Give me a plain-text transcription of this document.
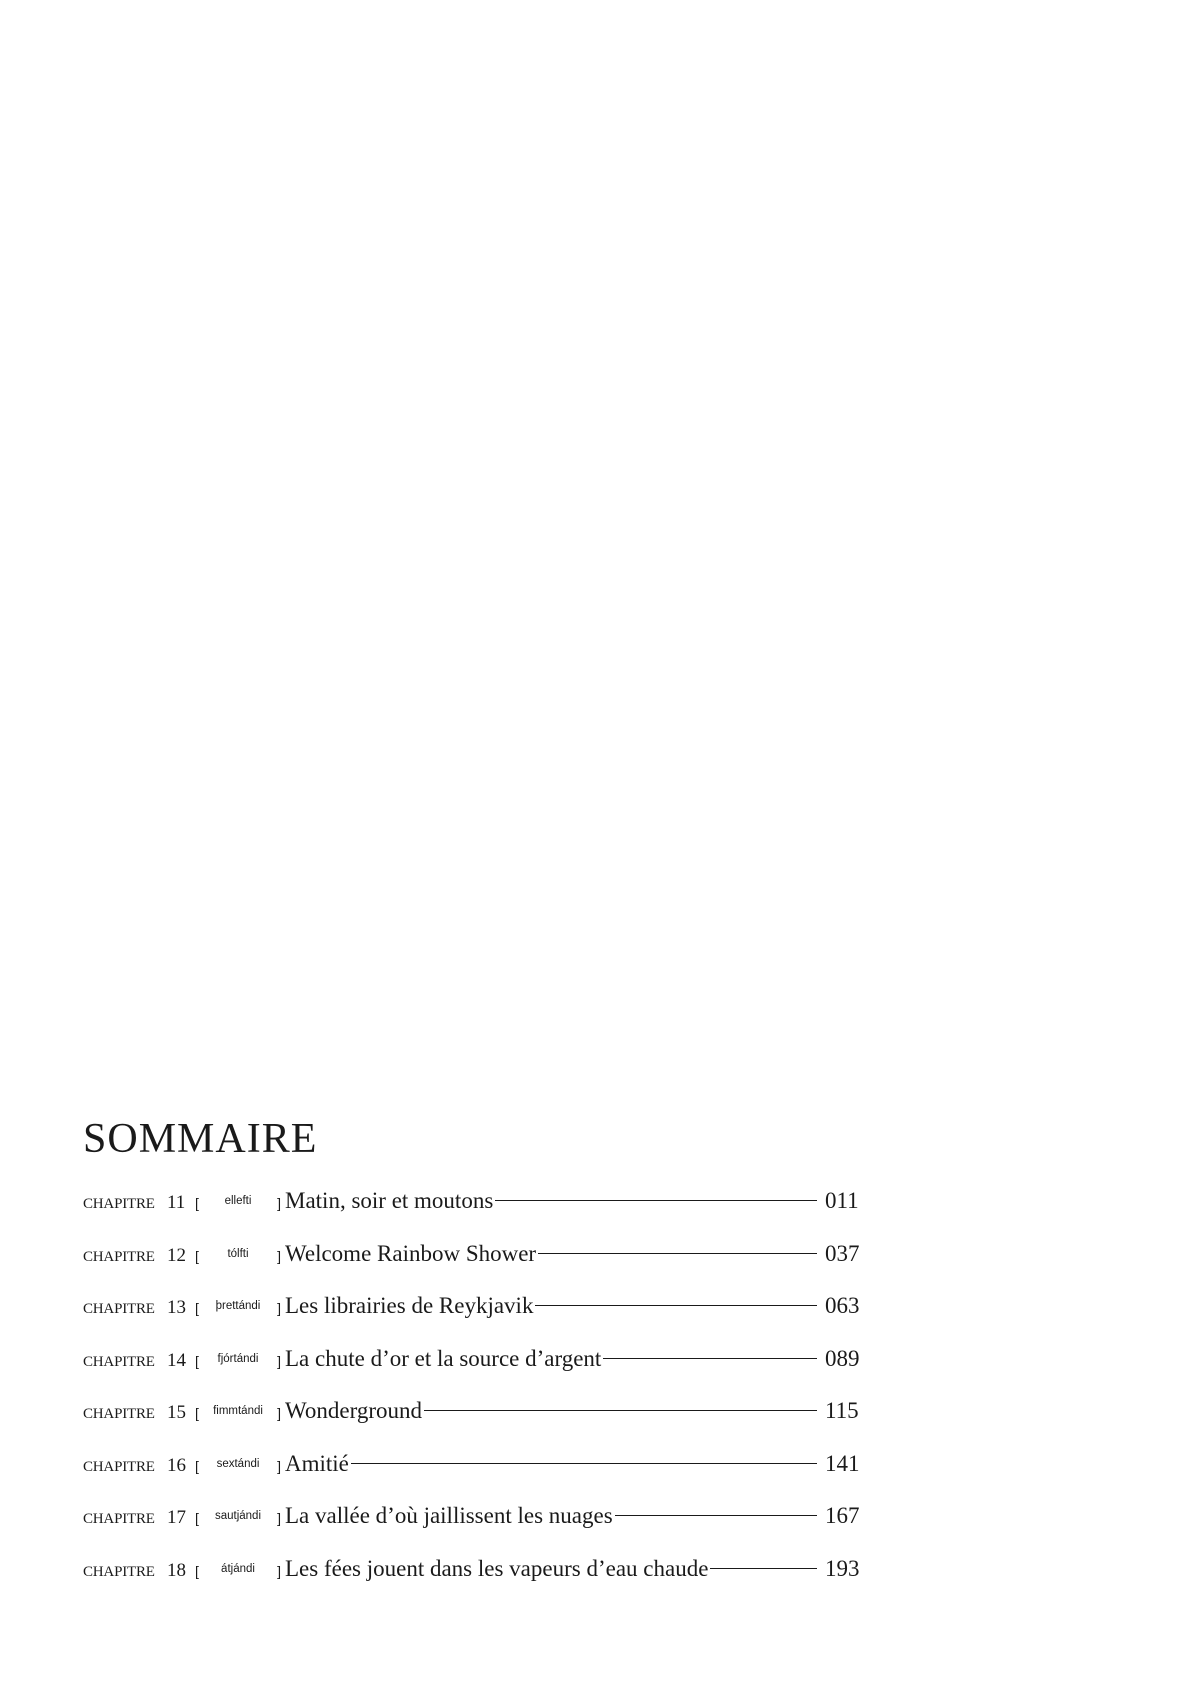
SOMMAIRE
CHAPITRE 11 [	ellefti	] Matin, soir et moutons	011
CHAPITRE 12 [	tólfti	] Welcome Rainbow Shower	037
CHAPITRE 13 [	þrettándi	] Les librairies de Reykjavik	063
CHAPITRE 14 [	fjórtándi	] La chute d’or et la source d’argent	089
CHAPITRE 15 [	fimmtándi	] Wonderground	115
CHAPITRE 16 [	sextándi	] Amitié	141
CHAPITRE 17 [	sautjándi	] La vallée d’où jaillissent les nuages	167
CHAPITRE 18 [	átjándi	] Les fées jouent dans les vapeurs d’eau chaude	193
